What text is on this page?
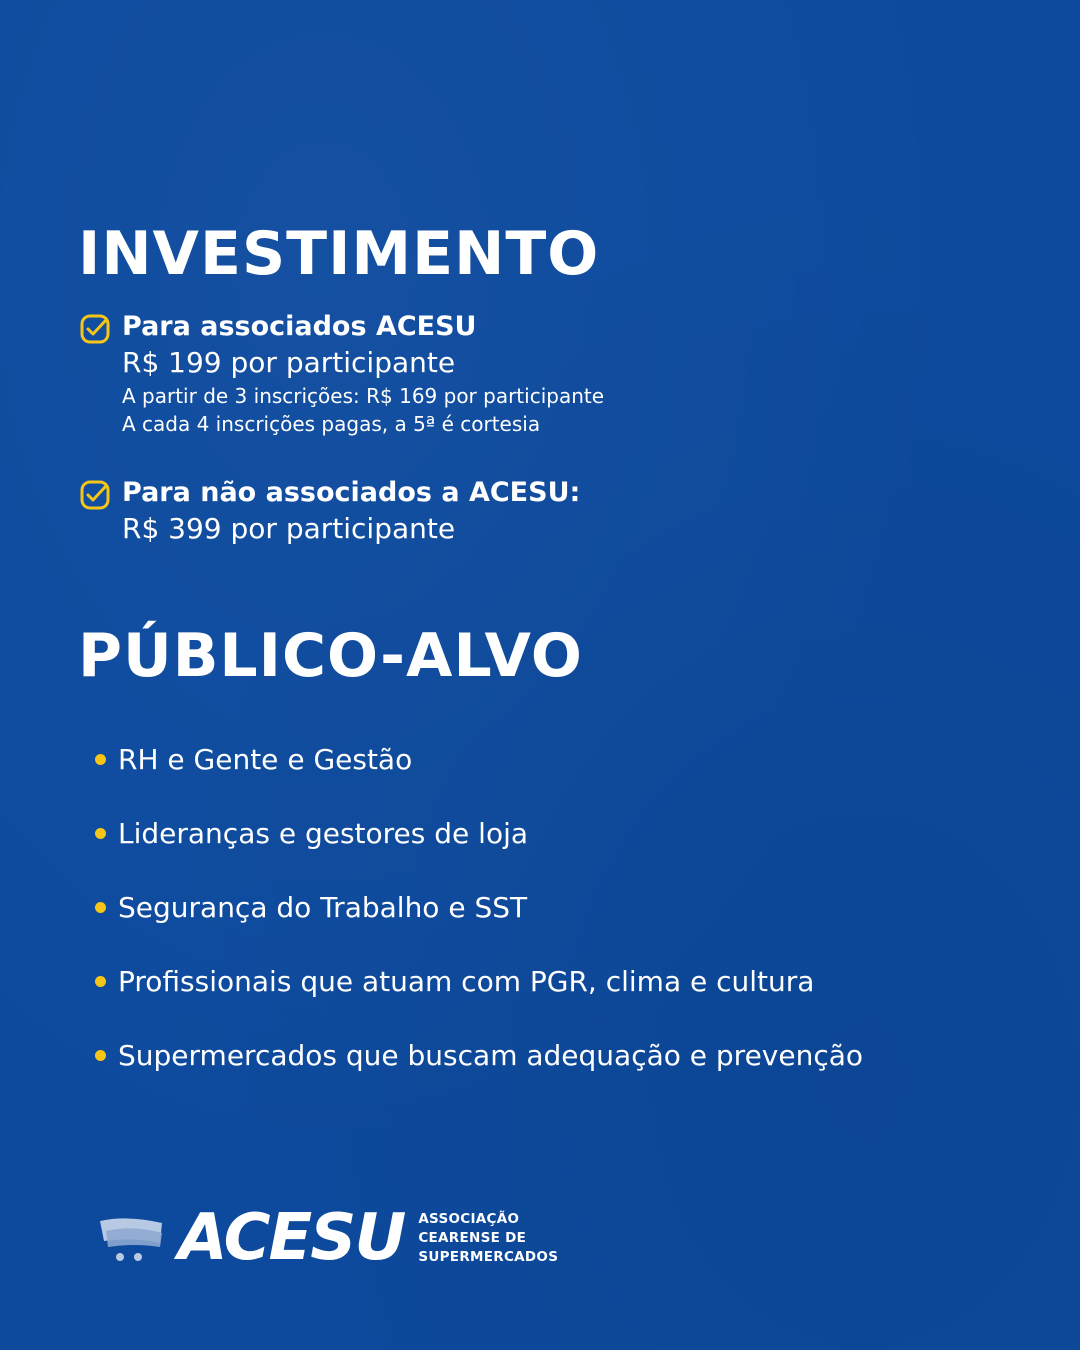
INVESTIMENTO
Para associados ACESU
R$ 199 por participante
A partir de 3 inscrições: R$ 169 por participante
A cada 4 inscrições pagas, a 5ª é cortesia
Para não associados a ACESU:
R$ 399 por participante
PÚBLICO-ALVO
RH e Gente e Gestão
Lideranças e gestores de loja
Segurança do Trabalho e SST
Profissionais que atuam com PGR, clima e cultura
Supermercados que buscam adequação e prevenção
ACESU ASSOCIAÇÃO
CEARENSE DE
SUPERMERCADOS
